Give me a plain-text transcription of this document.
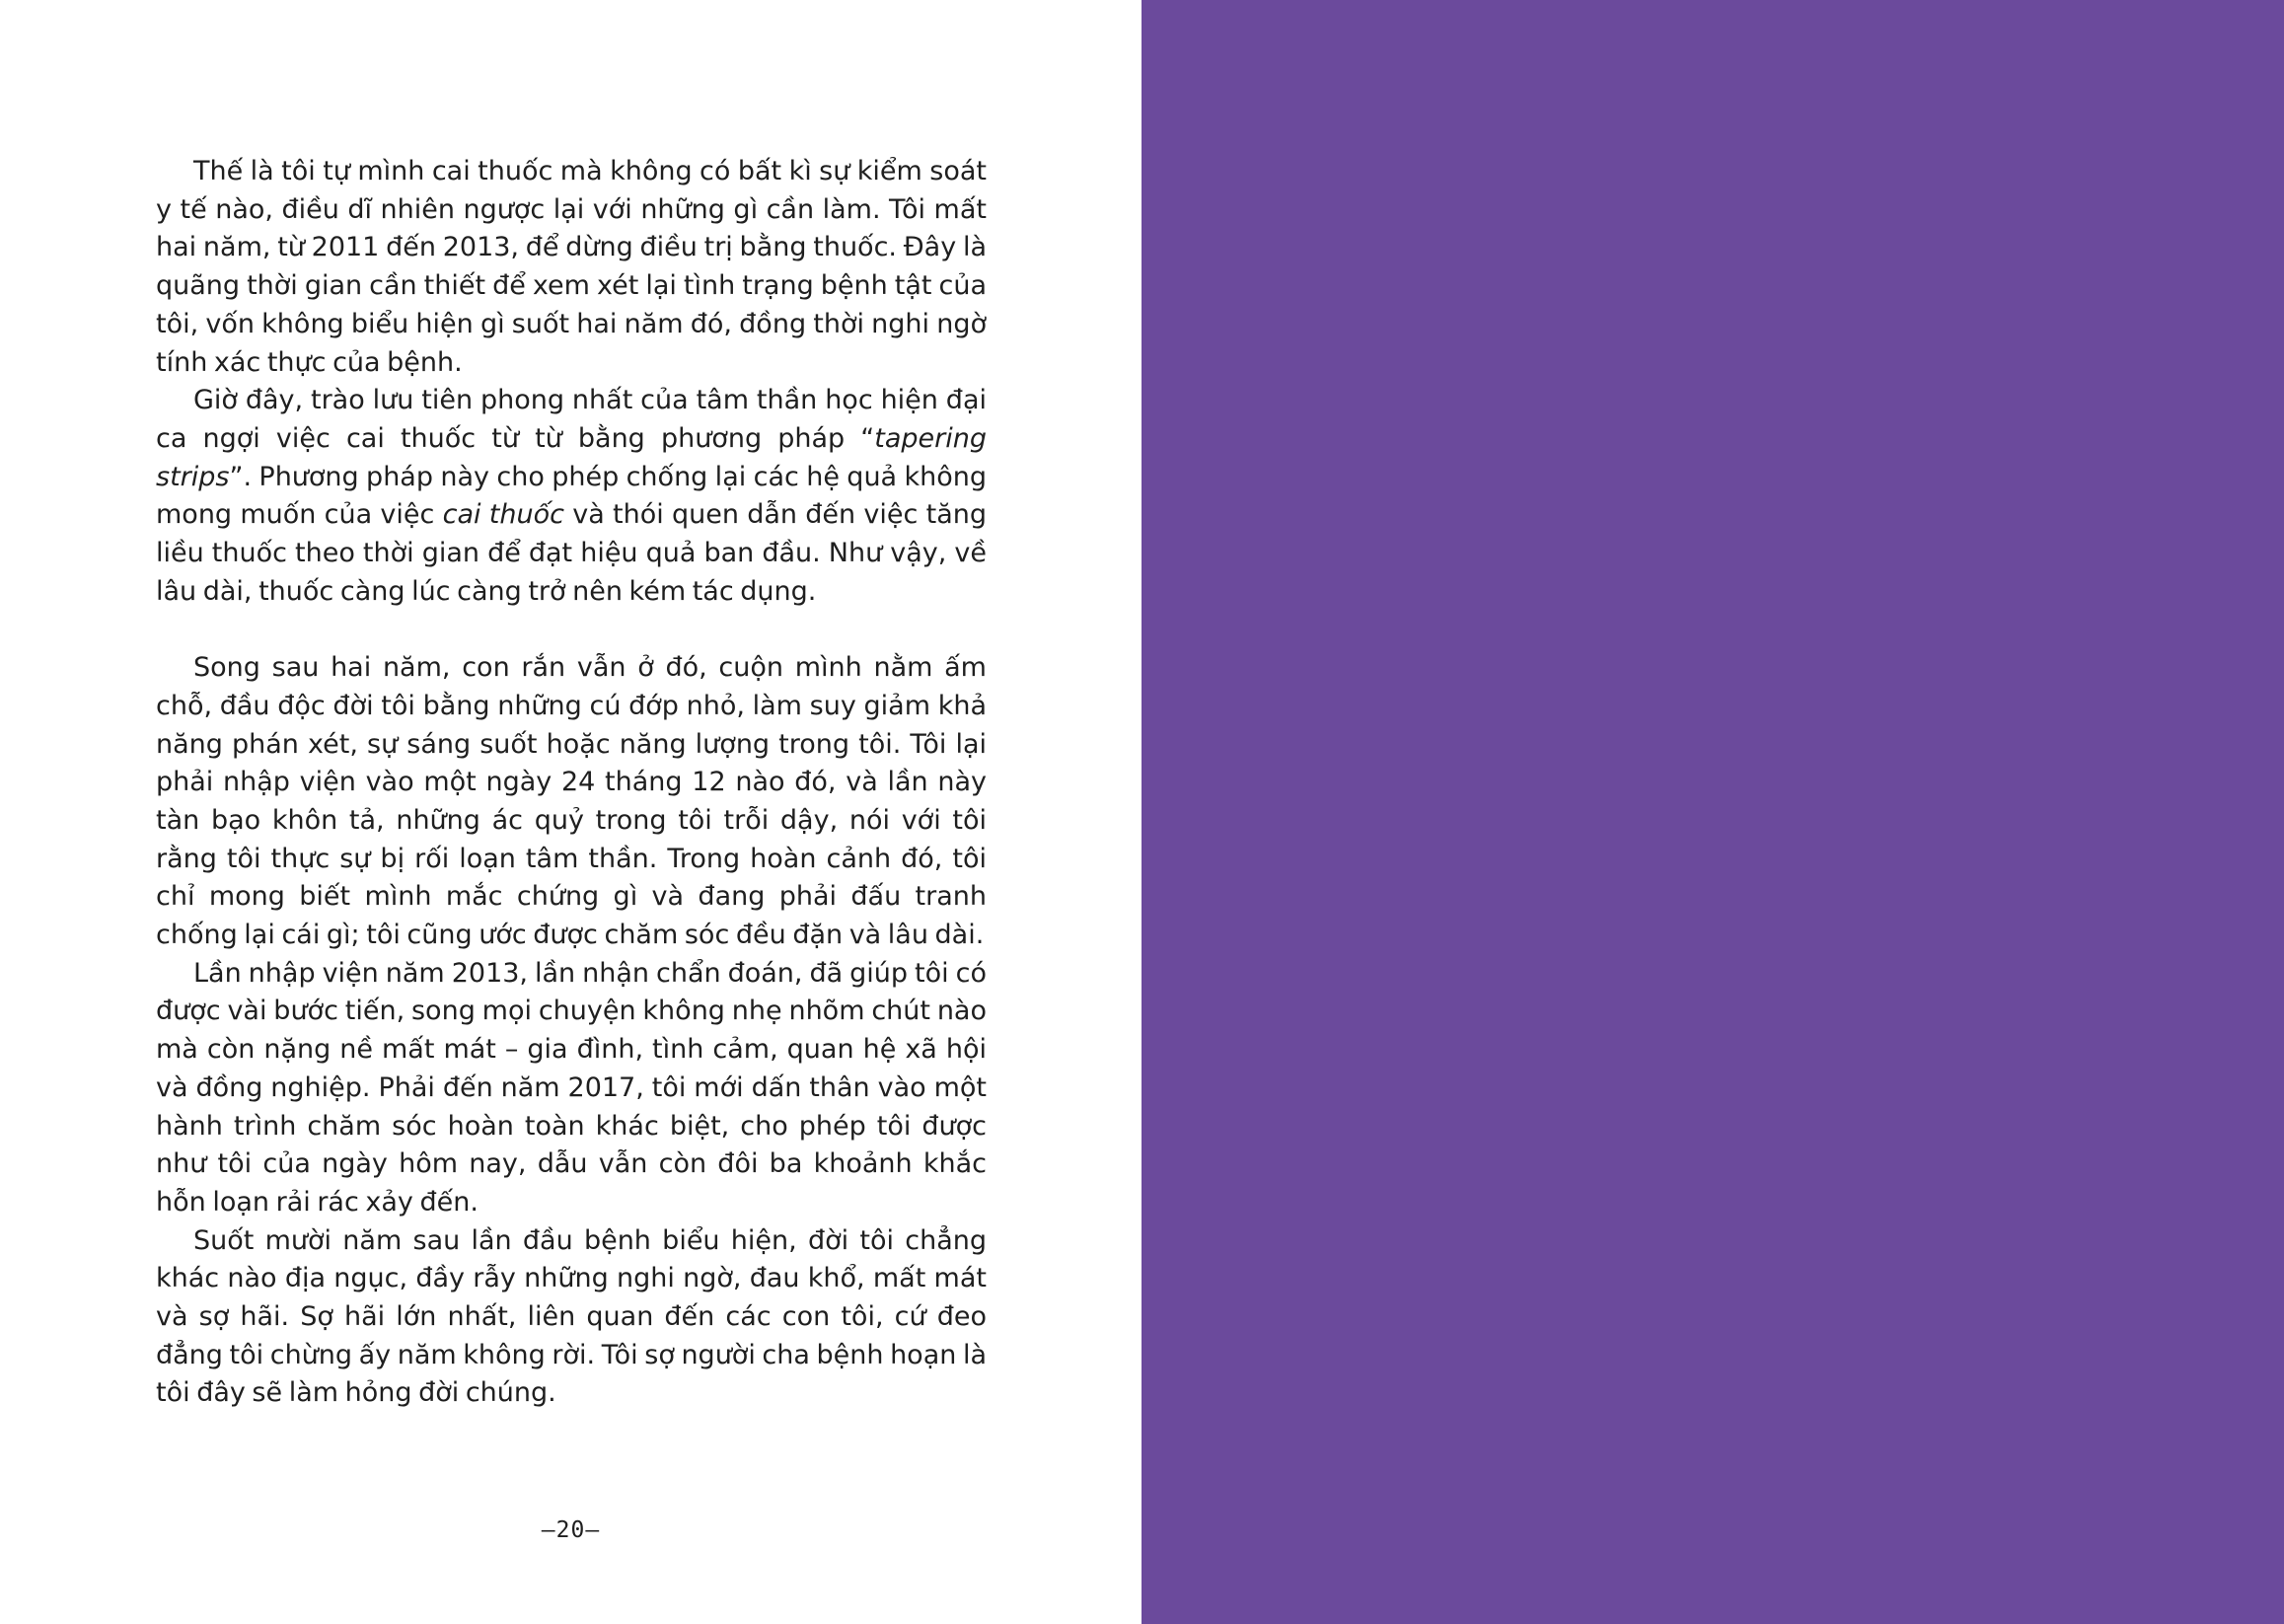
Thế là tôi tự mình cai thuốc mà không có bất kì sự kiểm soát y tế nào, điều dĩ nhiên ngược lại với những gì cần làm. Tôi mất hai năm, từ 2011 đến 2013, để dừng điều trị bằng thuốc. Đây là quãng thời gian cần thiết để xem xét lại tình trạng bệnh tật của tôi, vốn không biểu hiện gì suốt hai năm đó, đồng thời nghi ngờ tính xác thực của bệnh.

Giờ đây, trào lưu tiên phong nhất của tâm thần học hiện đại ca ngợi việc cai thuốc từ từ bằng phương pháp “tapering strips”. Phương pháp này cho phép chống lại các hệ quả không mong muốn của việc cai thuốc và thói quen dẫn đến việc tăng liều thuốc theo thời gian để đạt hiệu quả ban đầu. Như vậy, về lâu dài, thuốc càng lúc càng trở nên kém tác dụng.

Song sau hai năm, con rắn vẫn ở đó, cuộn mình nằm ấm chỗ, đầu độc đời tôi bằng những cú đớp nhỏ, làm suy giảm khả năng phán xét, sự sáng suốt hoặc năng lượng trong tôi. Tôi lại phải nhập viện vào một ngày 24 tháng 12 nào đó, và lần này tàn bạo khôn tả, những ác quỷ trong tôi trỗi dậy, nói với tôi rằng tôi thực sự bị rối loạn tâm thần. Trong hoàn cảnh đó, tôi chỉ mong biết mình mắc chứng gì và đang phải đấu tranh chống lại cái gì; tôi cũng ước được chăm sóc đều đặn và lâu dài.

Lần nhập viện năm 2013, lần nhận chẩn đoán, đã giúp tôi có được vài bước tiến, song mọi chuyện không nhẹ nhõm chút nào mà còn nặng nề mất mát – gia đình, tình cảm, quan hệ xã hội và đồng nghiệp. Phải đến năm 2017, tôi mới dấn thân vào một hành trình chăm sóc hoàn toàn khác biệt, cho phép tôi được như tôi của ngày hôm nay, dẫu vẫn còn đôi ba khoảnh khắc hỗn loạn rải rác xảy đến.

Suốt mười năm sau lần đầu bệnh biểu hiện, đời tôi chẳng khác nào địa ngục, đầy rẫy những nghi ngờ, đau khổ, mất mát và sợ hãi. Sợ hãi lớn nhất, liên quan đến các con tôi, cứ đeo đẳng tôi chừng ấy năm không rời. Tôi sợ người cha bệnh hoạn là tôi đây sẽ làm hỏng đời chúng.

–20–
